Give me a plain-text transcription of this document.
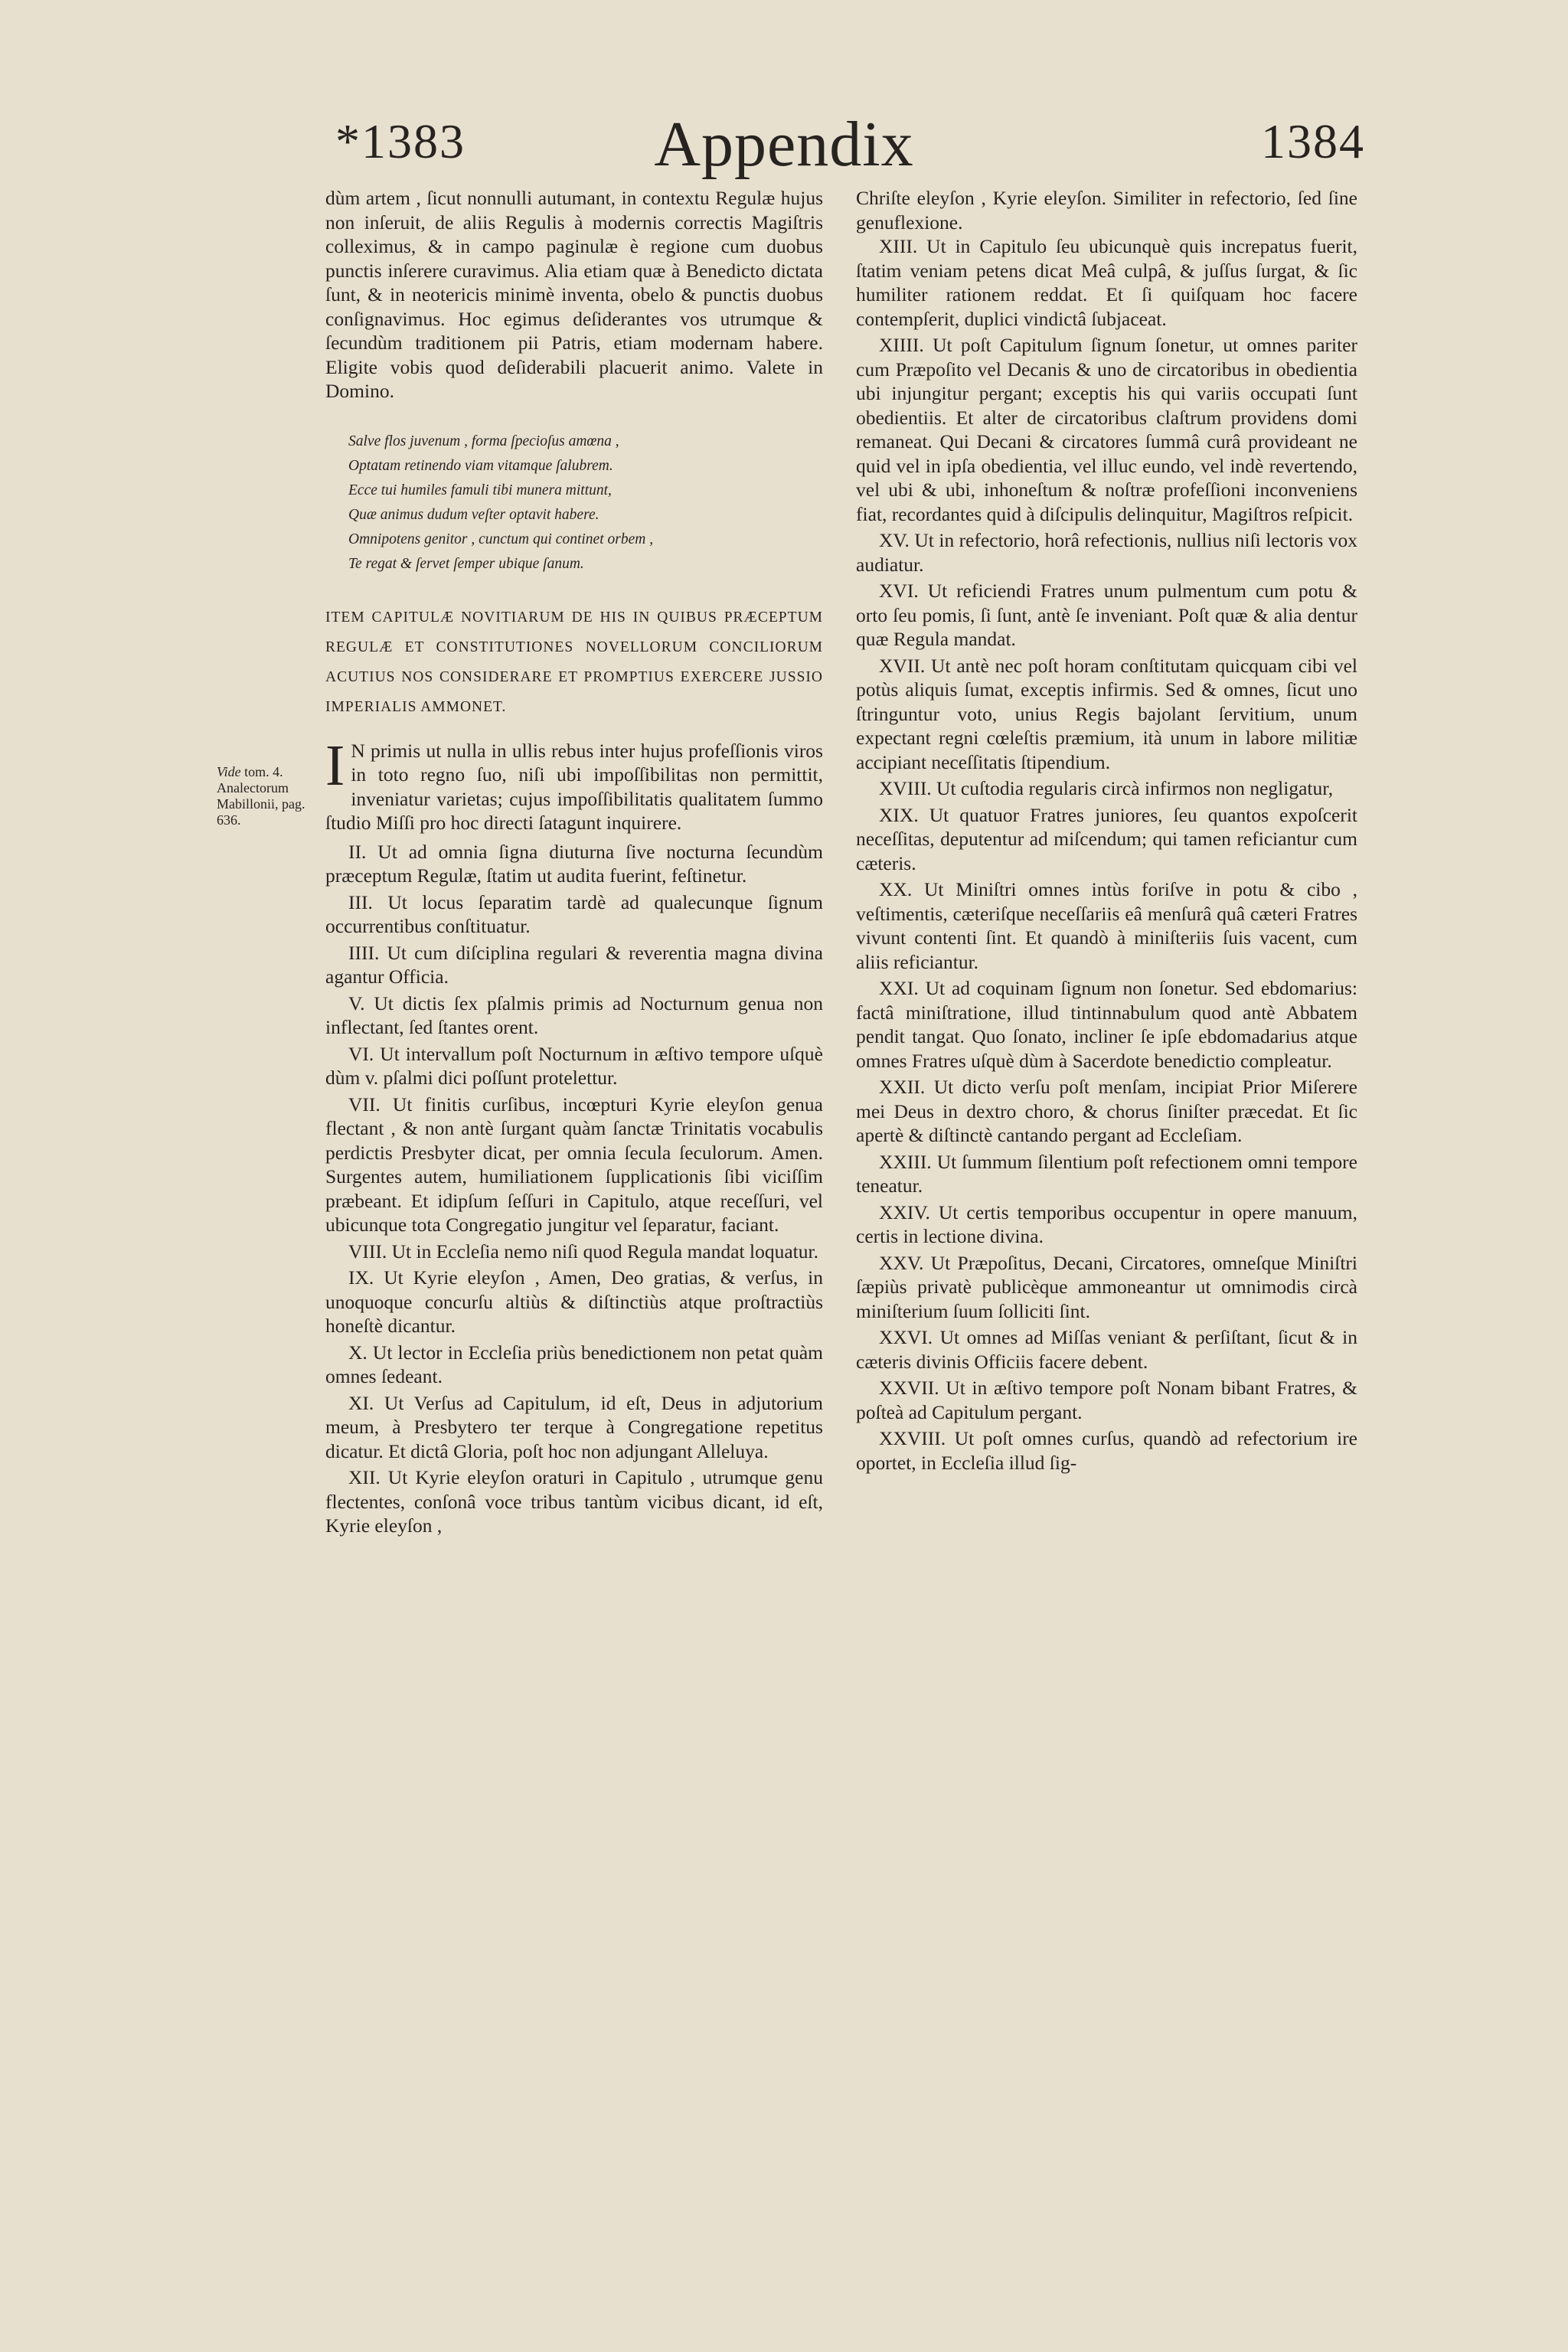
*1383	Appendix	1384
Vide tom. 4. Analectorum Mabillonii, pag. 636.

dùm artem , ſicut nonnulli autumant, in contextu Regulæ hujus non inſeruit, de aliis Regulis à modernis correctis Magiſtris colleximus, & in campo paginulæ è regione cum duobus punctis inſerere curavimus. Alia etiam quæ à Benedicto dictata ſunt, & in neotericis minimè inventa, obelo & punctis duobus conſignavimus. Hoc egimus deſiderantes vos utrumque & ſecundùm traditionem pii Patris, etiam modernam habere. Eligite vobis quod deſiderabili placuerit animo. Valete in Domino.

Salve flos juvenum , forma ſpecioſus amœna ,
Optatam retinendo viam vitamque ſalubrem.
Ecce tui humiles famuli tibi munera mittunt,
Quæ animus dudum veſter optavit habere.
Omnipotens genitor , cunctum qui continet orbem ,
Te regat & ſervet ſemper ubique ſanum.
ITEM CAPITULÆ NOVITIARUM DE HIS IN QUIBUS PRÆCEPTUM REGULÆ ET CONSTITUTIONES NOVELLORUM CONCILIORUM ACUTIUS NOS CONSIDERARE ET PROMPTIUS EXERCERE JUSSIO IMPERIALIS AMMONET.
I N primis ut nulla in ullis rebus inter hujus profeſſionis viros in toto regno ſuo, niſi ubi impoſſibilitas non permittit, inveniatur varietas; cujus impoſſibilitatis qualitatem ſummo ſtudio Miſſi pro hoc directi ſatagunt inquirere.

II. Ut ad omnia ſigna diuturna ſive nocturna ſecundùm præceptum Regulæ, ſtatim ut audita fuerint, feſtinetur.

III. Ut locus ſeparatim tardè ad qualecunque ſignum occurrentibus conſtituatur.

IIII. Ut cum diſciplina regulari & reverentia magna divina agantur Officia.

V. Ut dictis ſex pſalmis primis ad Nocturnum genua non inflectant, ſed ſtantes orent.

VI. Ut intervallum poſt Nocturnum in æſtivo tempore uſquè dùm v. pſalmi dici poſſunt protelettur.

VII. Ut finitis curſibus, incœpturi Kyrie eleyſon genua flectant , & non antè ſurgant quàm ſanctæ Trinitatis vocabulis perdictis Presbyter dicat, per omnia ſecula ſeculorum. Amen. Surgentes autem, humiliationem ſupplicationis ſibi viciſſim præbeant. Et idipſum ſeſſuri in Capitulo, atque receſſuri, vel ubicunque tota Congregatio jungitur vel ſeparatur, faciant.

VIII. Ut in Eccleſia nemo niſi quod Regula mandat loquatur.

IX. Ut Kyrie eleyſon , Amen, Deo gratias, & verſus, in unoquoque concurſu altiùs & diſtinctiùs atque proſtractiùs honeſtè dicantur.

X. Ut lector in Eccleſia priùs benedictionem non petat quàm omnes ſedeant.

XI. Ut Verſus ad Capitulum, id eſt, Deus in adjutorium meum, à Presbytero ter terque à Congregatione repetitus dicatur. Et dictâ Gloria, poſt hoc non adjungant Alleluya.

XII. Ut Kyrie eleyſon oraturi in Capitulo , utrumque genu flectentes, conſonâ voce tribus tantùm vicibus dicant, id eſt, Kyrie eleyſon ,

Chriſte eleyſon , Kyrie eleyſon. Similiter in refectorio, ſed ſine genuflexione.

XIII. Ut in Capitulo ſeu ubicunquè quis increpatus fuerit, ſtatim veniam petens dicat Meâ culpâ, & juſſus ſurgat, & ſic humiliter rationem reddat. Et ſi quiſquam hoc facere contempſerit, duplici vindictâ ſubjaceat.

XIIII. Ut poſt Capitulum ſignum ſonetur, ut omnes pariter cum Præpoſito vel Decanis & uno de circatoribus in obedientia ubi injungitur pergant; exceptis his qui variis occupati ſunt obedientiis. Et alter de circatoribus claſtrum providens domi remaneat. Qui Decani & circatores ſummâ curâ provideant ne quid vel in ipſa obedientia, vel illuc eundo, vel indè revertendo, vel ubi & ubi, inhoneſtum & noſtræ profeſſioni inconveniens fiat, recordantes quid à diſcipulis delinquitur, Magiſtros reſpicit.

XV. Ut in refectorio, horâ refectionis, nullius niſi lectoris vox audiatur.

XVI. Ut reficiendi Fratres unum pulmentum cum potu & orto ſeu pomis, ſi ſunt, antè ſe inveniant. Poſt quæ & alia dentur quæ Regula mandat.

XVII. Ut antè nec poſt horam conſtitutam quicquam cibi vel potùs aliquis ſumat, exceptis infirmis. Sed & omnes, ſicut uno ſtringuntur voto, unius Regis bajolant ſervitium, unum expectant regni cœleſtis præmium, ità unum in labore militiæ accipiant neceſſitatis ſtipendium.

XVIII. Ut cuſtodia regularis circà infirmos non negligatur,

XIX. Ut quatuor Fratres juniores, ſeu quantos expoſcerit neceſſitas, deputentur ad miſcendum; qui tamen reficiantur cum cæteris.

XX. Ut Miniſtri omnes intùs foriſve in potu & cibo , veſtimentis, cæteriſque neceſſariis eâ menſurâ quâ cæteri Fratres vivunt contenti ſint. Et quandò à miniſteriis ſuis vacent, cum aliis reficiantur.

XXI. Ut ad coquinam ſignum non ſonetur. Sed ebdomarius: factâ miniſtratione, illud tintinnabulum quod antè Abbatem pendit tangat. Quo ſonato, incliner ſe ipſe ebdomadarius atque omnes Fratres uſquè dùm à Sacerdote benedictio compleatur.

XXII. Ut dicto verſu poſt menſam, incipiat Prior Miſerere mei Deus in dextro choro, & chorus ſiniſter præcedat. Et ſic apertè & diſtinctè cantando pergant ad Eccleſiam.

XXIII. Ut ſummum ſilentium poſt refectionem omni tempore teneatur.

XXIV. Ut certis temporibus occupentur in opere manuum, certis in lectione divina.

XXV. Ut Præpoſitus, Decani, Circatores, omneſque Miniſtri ſæpiùs privatè publicèque ammoneantur ut omnimodis circà miniſterium ſuum ſolliciti ſint.

XXVI. Ut omnes ad Miſſas veniant & perſiſtant, ſicut & in cæteris divinis Officiis facere debent.

XXVII. Ut in æſtivo tempore poſt Nonam bibant Fratres, & poſteà ad Capitulum pergant.

XXVIII. Ut poſt omnes curſus, quandò ad refectorium ire oportet, in Eccleſia illud ſig-
